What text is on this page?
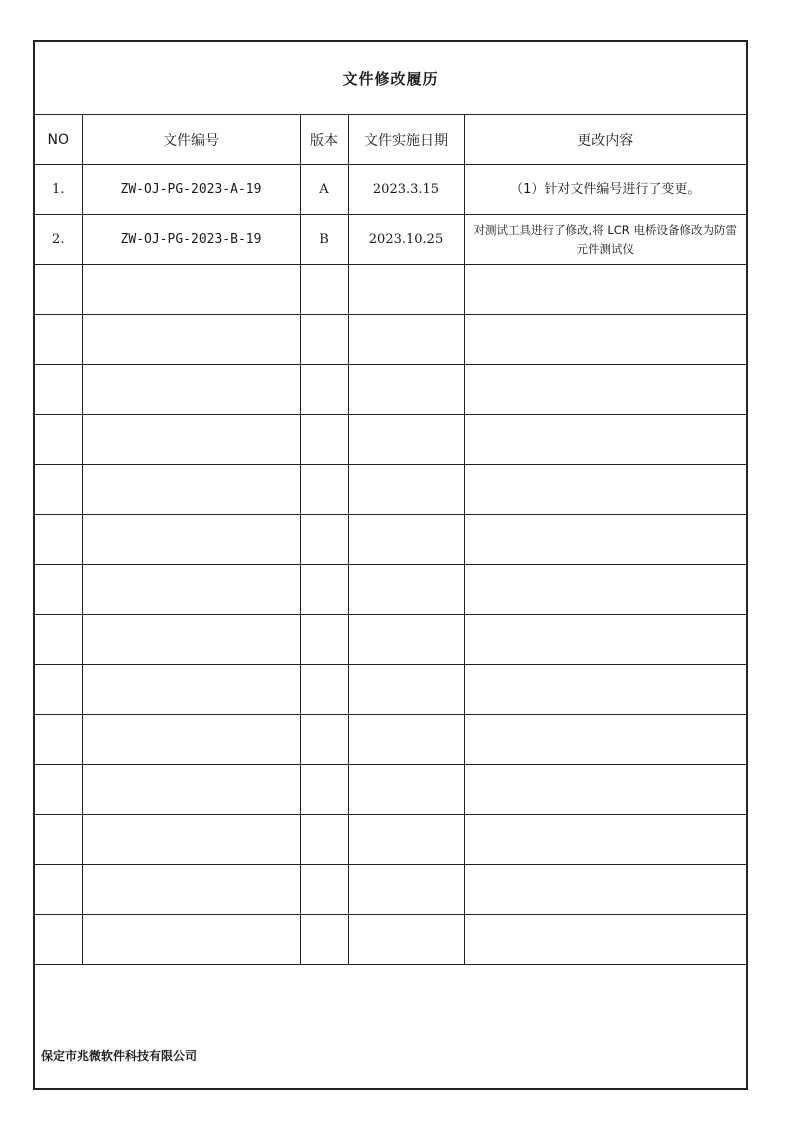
文件修改履历
NO	文件编号	版本	文件实施日期	更改内容
1.	ZW-OJ-PG-2023-A-19	A	2023.3.15	（1）针对文件编号进行了变更。
2.	ZW-OJ-PG-2023-B-19	B	2023.10.25	对测试工具进行了修改,将 LCR 电桥设备修改为防雷元件测试仪

保定市兆微软件科技有限公司
